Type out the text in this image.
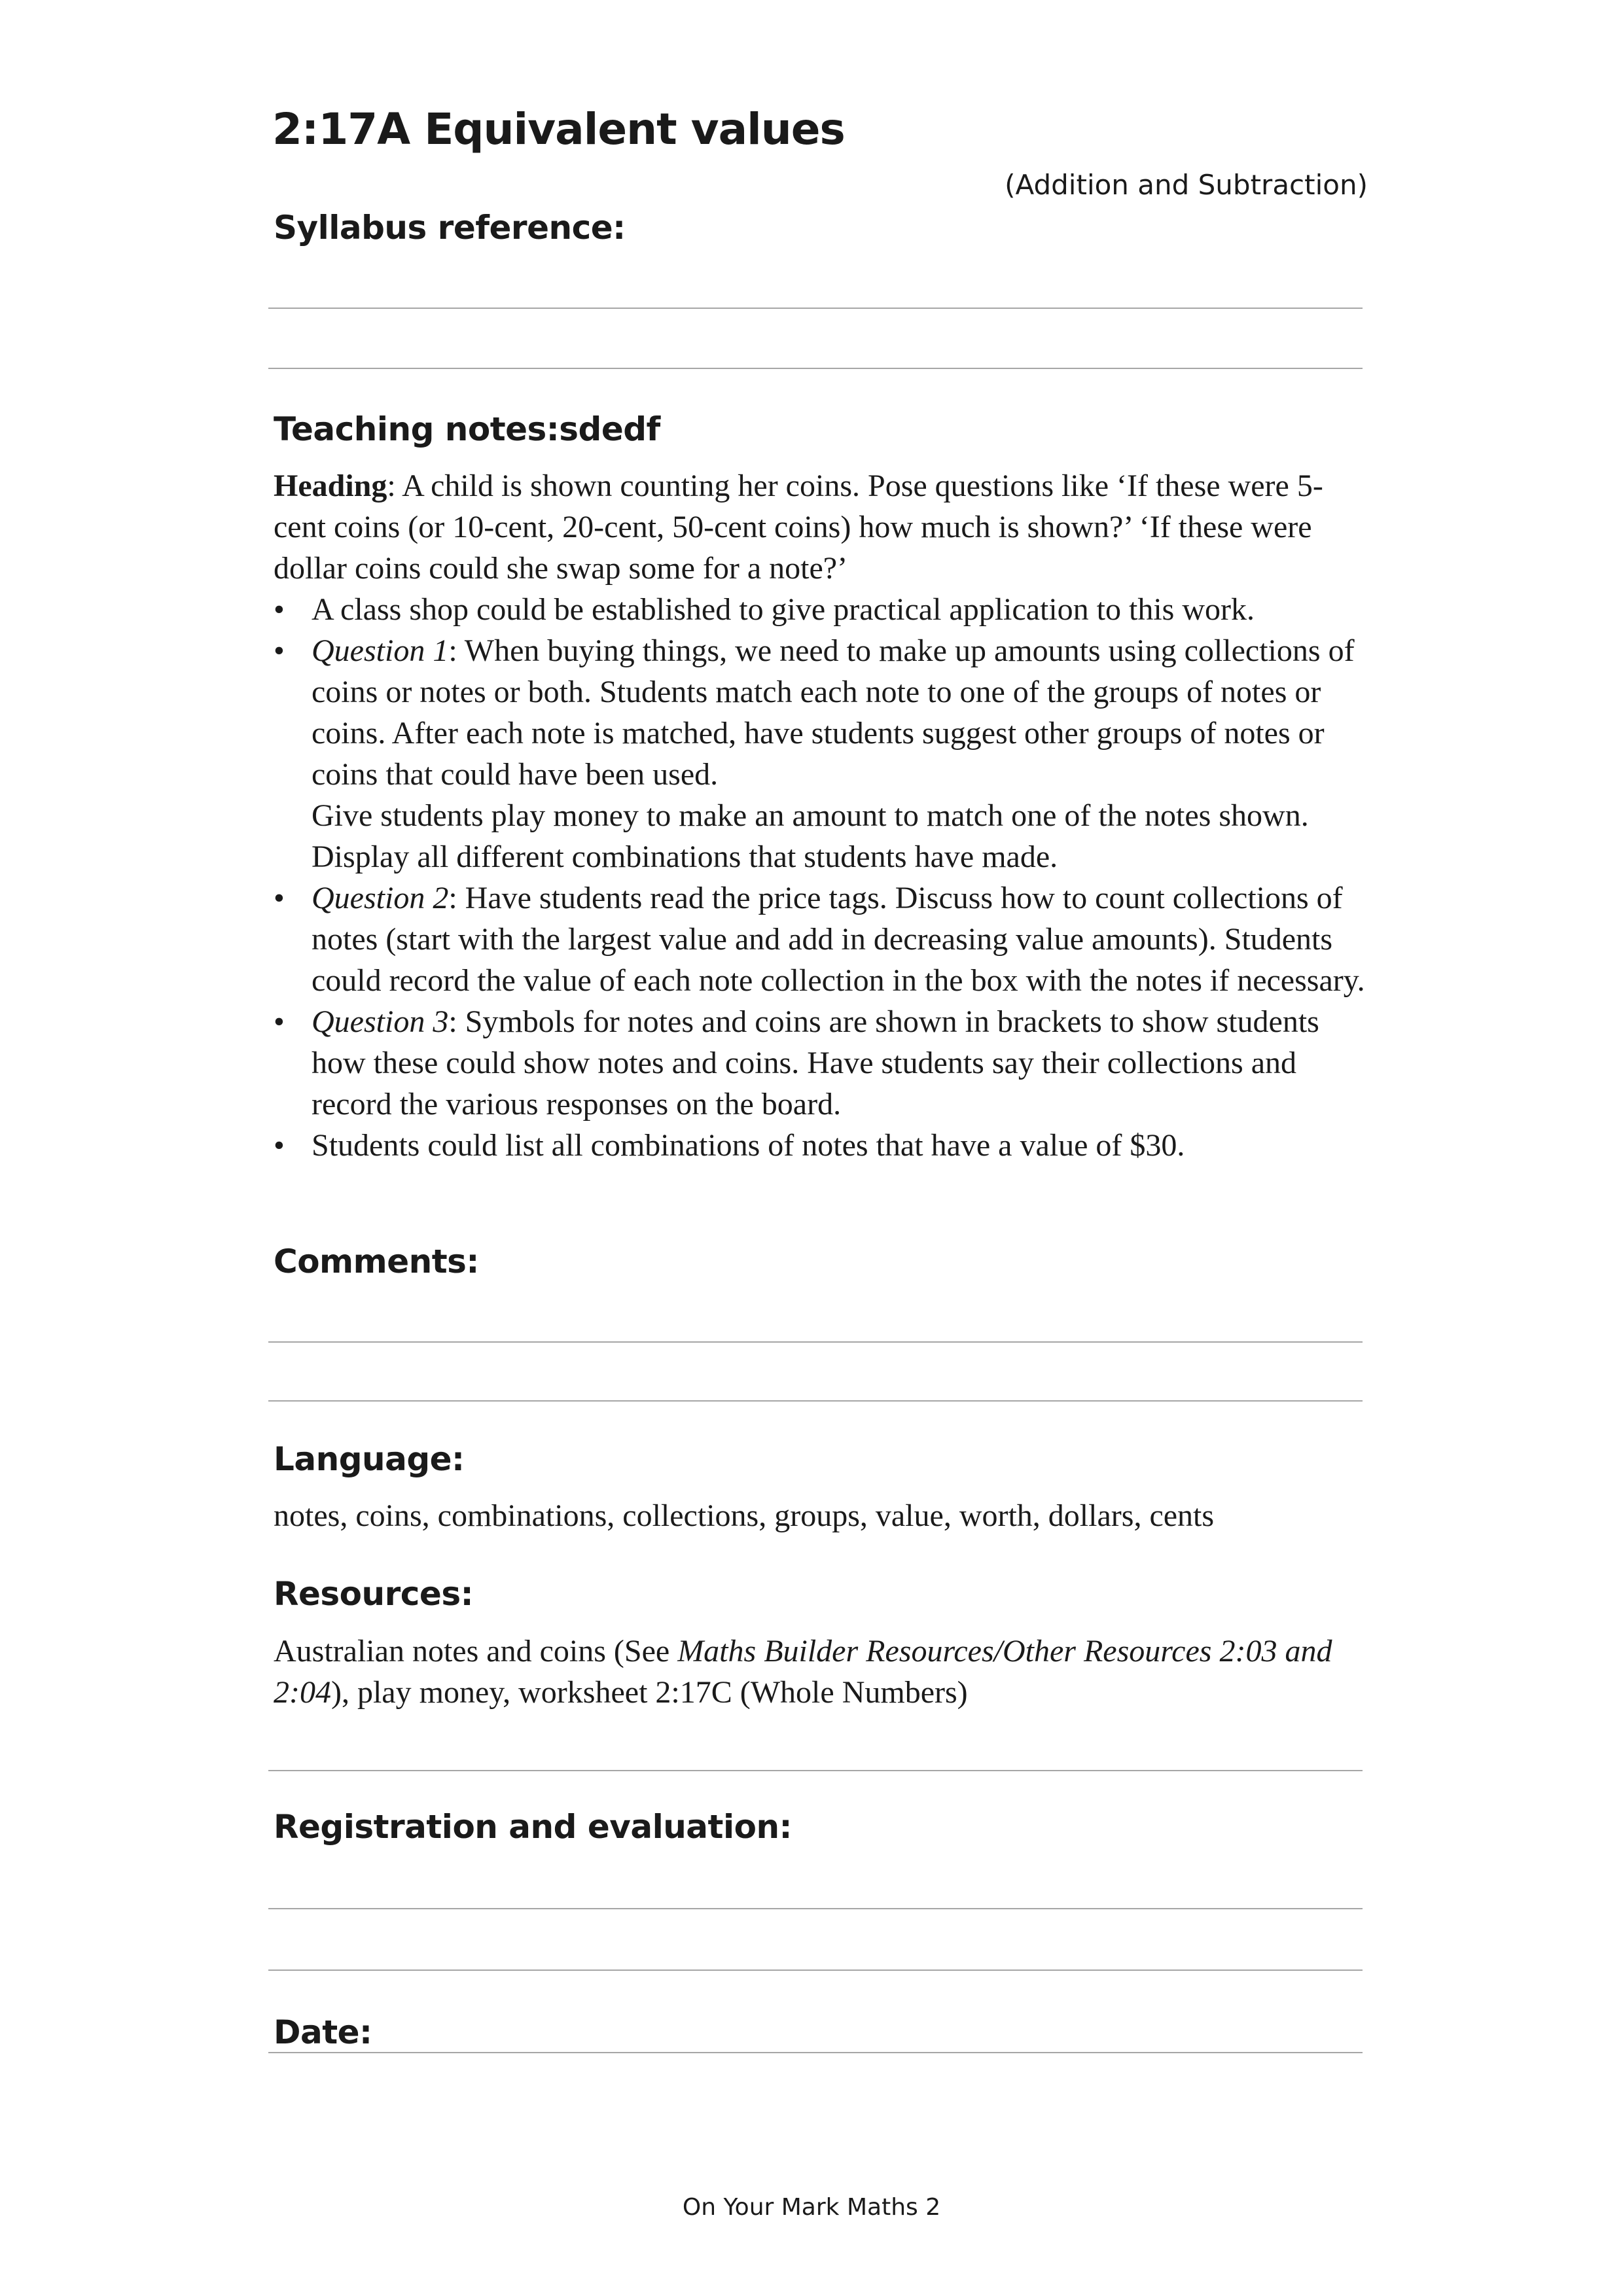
2:17A Equivalent values
(Addition and Subtraction)
Syllabus reference:
Teaching notes:sdedf

Heading: A child is shown counting her coins. Pose questions like ‘If these were 5-cent coins (or 10-cent, 20-cent, 50-cent coins) how much is shown?’ ‘If these were dollar coins could she swap some for a note?’

• A class shop could be established to give practical application to this work.
• Question 1: When buying things, we need to make up amounts using collections of coins or notes or both. Students match each note to one of the groups of notes or coins. After each note is matched, have students suggest other groups of notes or coins that could have been used.
Give students play money to make an amount to match one of the notes shown. Display all different combinations that students have made.
• Question 2: Have students read the price tags. Discuss how to count collections of notes (start with the largest value and add in decreasing value amounts). Students could record the value of each note collection in the box with the notes if necessary.
• Question 3: Symbols for notes and coins are shown in brackets to show students how these could show notes and coins. Have students say their collections and record the various responses on the board.
• Students could list all combinations of notes that have a value of $30.
Comments:
Language:

notes, coins, combinations, collections, groups, value, worth, dollars, cents

Resources:

Australian notes and coins (See Maths Builder Resources/Other Resources 2:03 and 2:04), play money, worksheet 2:17C (Whole Numbers)

Registration and evaluation:
Date:
On Your Mark Maths 2
